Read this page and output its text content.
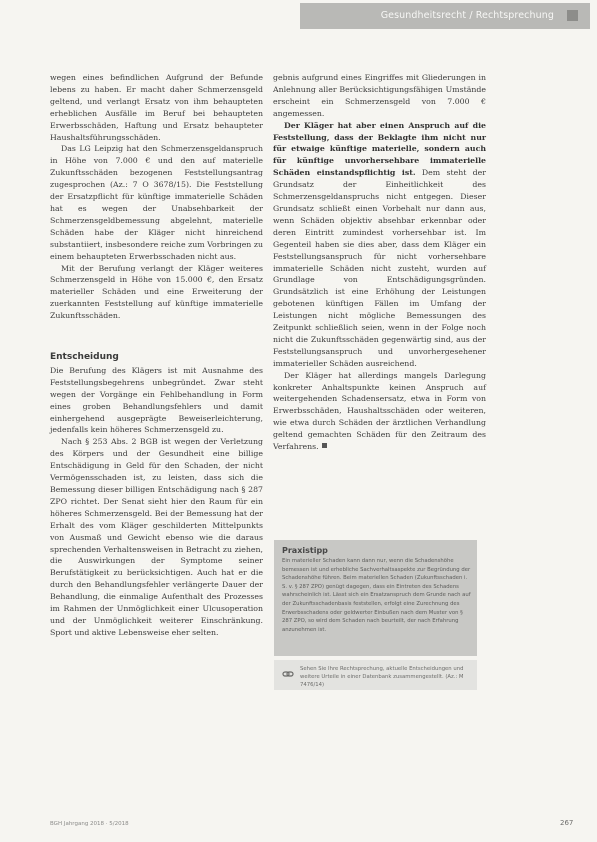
Gesundheitsrecht / Rechtsprechung

wegen eines befindlichen Aufgrund der Befunde lebens zu haben. Er macht daher Schmerzensgeld geltend, und verlangt Ersatz von ihm behaupteten erheblichen Ausfälle im Beruf bei behaupteten Erwerbsschäden, Haftung und Ersatz behaupteter Haushaltsführungsschäden.

Das LG Leipzig hat den Schmerzensgeldanspruch in Höhe von 7.000 € und den auf materielle Zukunftsschäden bezogenen Feststellungsantrag zugesprochen (Az.: 7 O 3678/15). Die Feststellung der Ersatzpflicht für künftige immaterielle Schäden hat es wegen der Unabsehbarkeit der Schmerzensgeldbemessung abgelehnt, materielle Schäden habe der Kläger nicht hinreichend substantiiert, insbesondere reiche zum Vorbringen zu einem behaupteten Erwerbsschaden nicht aus.

Mit der Berufung verlangt der Kläger weiteres Schmerzensgeld in Höhe von 15.000 €, den Ersatz materieller Schäden und eine Erweiterung der zuerkannten Feststellung auf künftige immaterielle Zukunftsschäden.

Entscheidung

Die Berufung des Klägers ist mit Ausnahme des Feststellungsbegehrens unbegründet. Zwar steht wegen der Vorgänge ein Fehlbehandlung in Form eines groben Behandlungsfehlers und damit einhergehend ausgeprägte Beweiserleichterung, jedenfalls kein höheres Schmerzensgeld zu.

Nach § 253 Abs. 2 BGB ist wegen der Verletzung des Körpers und der Gesundheit eine billige Entschädigung in Geld für den Schaden, der nicht Vermögensschaden ist, zu leisten, dass sich die Bemessung dieser billigen Entschädigung nach § 287 ZPO richtet. Der Senat sieht hier den Raum für ein höheres Schmerzensgeld. Bei der Bemessung hat der Erhalt des vom Kläger geschilderten Mittelpunkts von Ausmaß und Gewicht ebenso wie die daraus sprechenden Verhaltensweisen in Betracht zu ziehen, die Auswirkungen der Symptome seiner Berufstätigkeit zu berücksichtigen. Auch hat er die durch den Behandlungsfehler verlängerte Dauer der Behandlung, die einmalige Aufenthalt des Prozesses im Rahmen der Unmöglichkeit einer Ulcusoperation und der Unmöglichkeit weiterer Einschränkung. Sport und aktive Lebensweise eher selten.

gebnis aufgrund eines Eingriffes mit Gliederungen in Anlehnung aller Berücksichtigungsfähigen Umstände erscheint ein Schmerzensgeld von 7.000 € angemessen.

Der Kläger hat aber einen Anspruch auf die Feststellung, dass der Beklagte ihm nicht nur für etwaige künftige materielle, sondern auch für künftige unvorhersehbare immaterielle Schäden einstandspflichtig ist. Dem steht der Grundsatz der Einheitlichkeit des Schmerzensgeldanspruchs nicht entgegen. Dieser Grundsatz schließt einen Vorbehalt nur dann aus, wenn Schäden objektiv absehbar erkennbar oder deren Eintritt zumindest vorhersehbar ist. Im Gegenteil haben sie dies aber, dass dem Kläger ein Feststellungsanspruch für nicht vorhersehbare immaterielle Schäden nicht zusteht, wurden auf Grundlage von Entschädigungsgründen. Grundsätzlich ist eine Erhöhung der Leistungen gebotenen künftigen Fällen im Umfang der Leistungen nicht mögliche Bemessungen des Zeitpunkt schließlich seien, wenn in der Folge noch nicht die Zukunftsschäden gegenwärtig sind, aus der Feststellungsanspruch und unvorhergesehener immaterieller Schäden ausreichend.

Der Kläger hat allerdings mangels Darlegung konkreter Anhaltspunkte keinen Anspruch auf weitergehenden Schadensersatz, etwa in Form von Erwerbsschäden, Haushaltsschäden oder weiteren, wie etwa durch Schäden der ärztlichen Verhandlung geltend gemachten Schäden für den Zeitraum des Verfahrens.

Praxistipp

Ein materieller Schaden kann dann nur, wenn die Schadenshöhe bemessen ist und erhebliche Sachverhaltsaspekte zur Begründung der Schadenshöhe führen. Beim materiellen Schaden (Zukunftsschaden i. S. v. § 287 ZPO) genügt dagegen, dass ein Eintreten des Schadens wahrscheinlich ist. Lässt sich ein Ersatzanspruch dem Grunde nach auf der Zukunftsschadenbasis feststellen, erfolgt eine Zurechnung des Erwerbsschadens oder geldwerter Einbußen nach dem Muster von § 287 ZPO, so wird dem Schaden nach beurteilt, der nach Erfahrung anzunehmen ist.

Sehen Sie Ihre Rechtsprechung, aktuelle Entscheidungen und weitere Urteile in einer Datenbank zusammengestellt. (Az.: M 7476/14)
BGH Jahrgang 2018 · 5/2018	267
